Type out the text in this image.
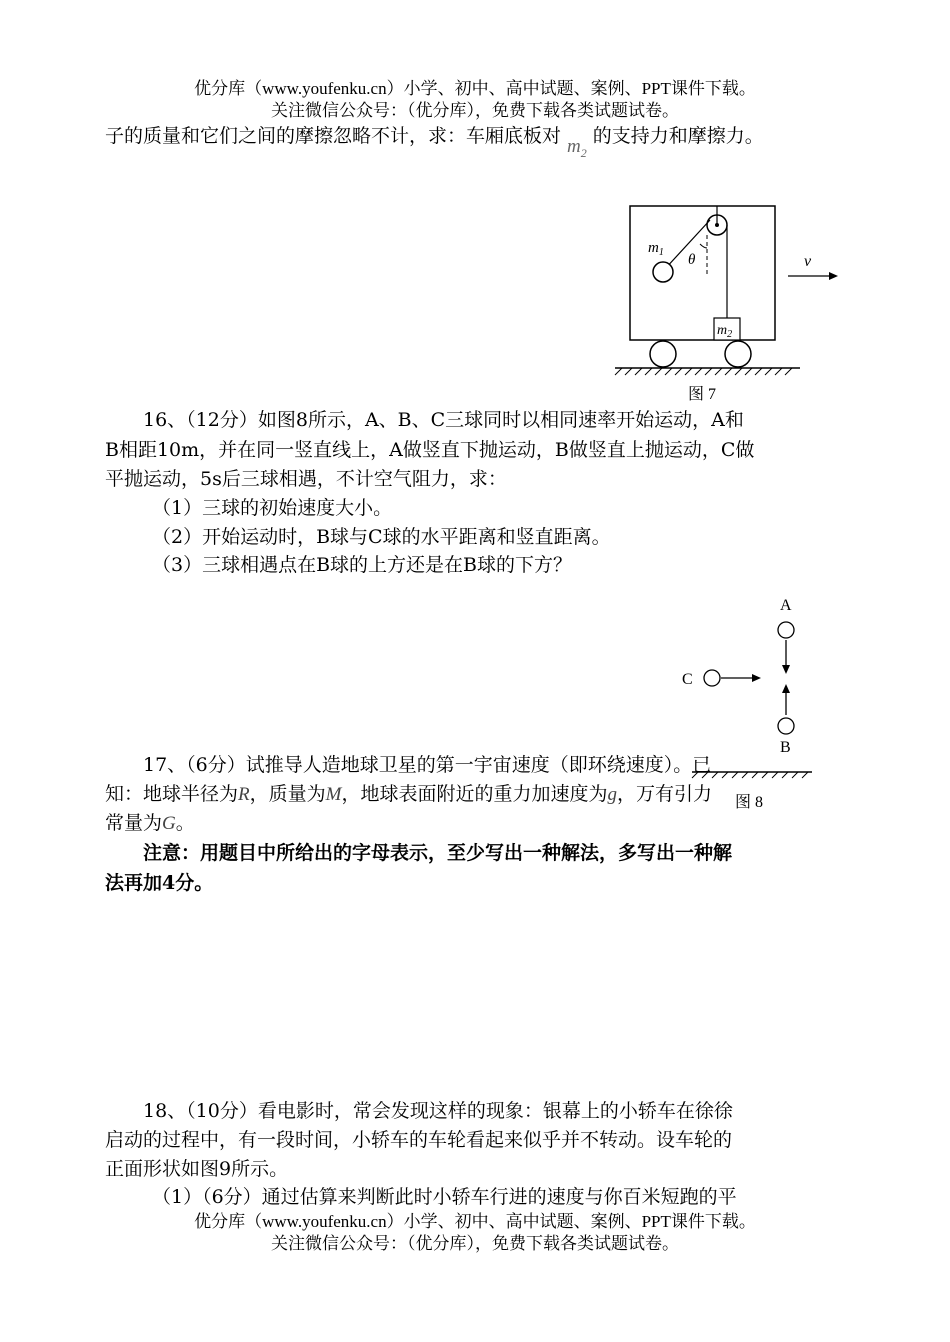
优分库（www.youfenku.cn）小学、初中、高中试题、案例、PPT课件下载。
关注微信公众号：（优分库），免费下载各类试题试卷。
子的质量和它们之间的摩擦忽略不计，求：车厢底板对 $m_2$的支持力和摩擦力。
$m_1$ θ
$m_2$
v
图 7
16、（12分）如图8所示，A、B、C三球同时以相同速率开始运动，A和
B相距10m，并在同一竖直线上，A做竖直下抛运动，B做竖直上抛运动，C做
平抛运动，5s后三球相遇，不计空气阻力，求：
（1）三球的初始速度大小。
（2）开始运动时，B球与C球的水平距离和竖直距离。
（3）三球相遇点在B球的上方还是在B球的下方？
A
C
B
图 8
17、（6分）试推导人造地球卫星的第一宇宙速度（即环绕速度）。已
知：地球半径为R，质量为M，地球表面附近的重力加速度为g，万有引力
常量为G。
注意：用题目中所给出的字母表示，至少写出一种解法，多写出一种解
法再加4分。
18、（10分）看电影时，常会发现这样的现象：银幕上的小轿车在徐徐
启动的过程中，有一段时间，小轿车的车轮看起来似乎并不转动。设车轮的
正面形状如图9所示。
（1）（6分）通过估算来判断此时小轿车行进的速度与你百米短跑的平
优分库（www.youfenku.cn）小学、初中、高中试题、案例、PPT课件下载。
关注微信公众号：（优分库），免费下载各类试题试卷。
